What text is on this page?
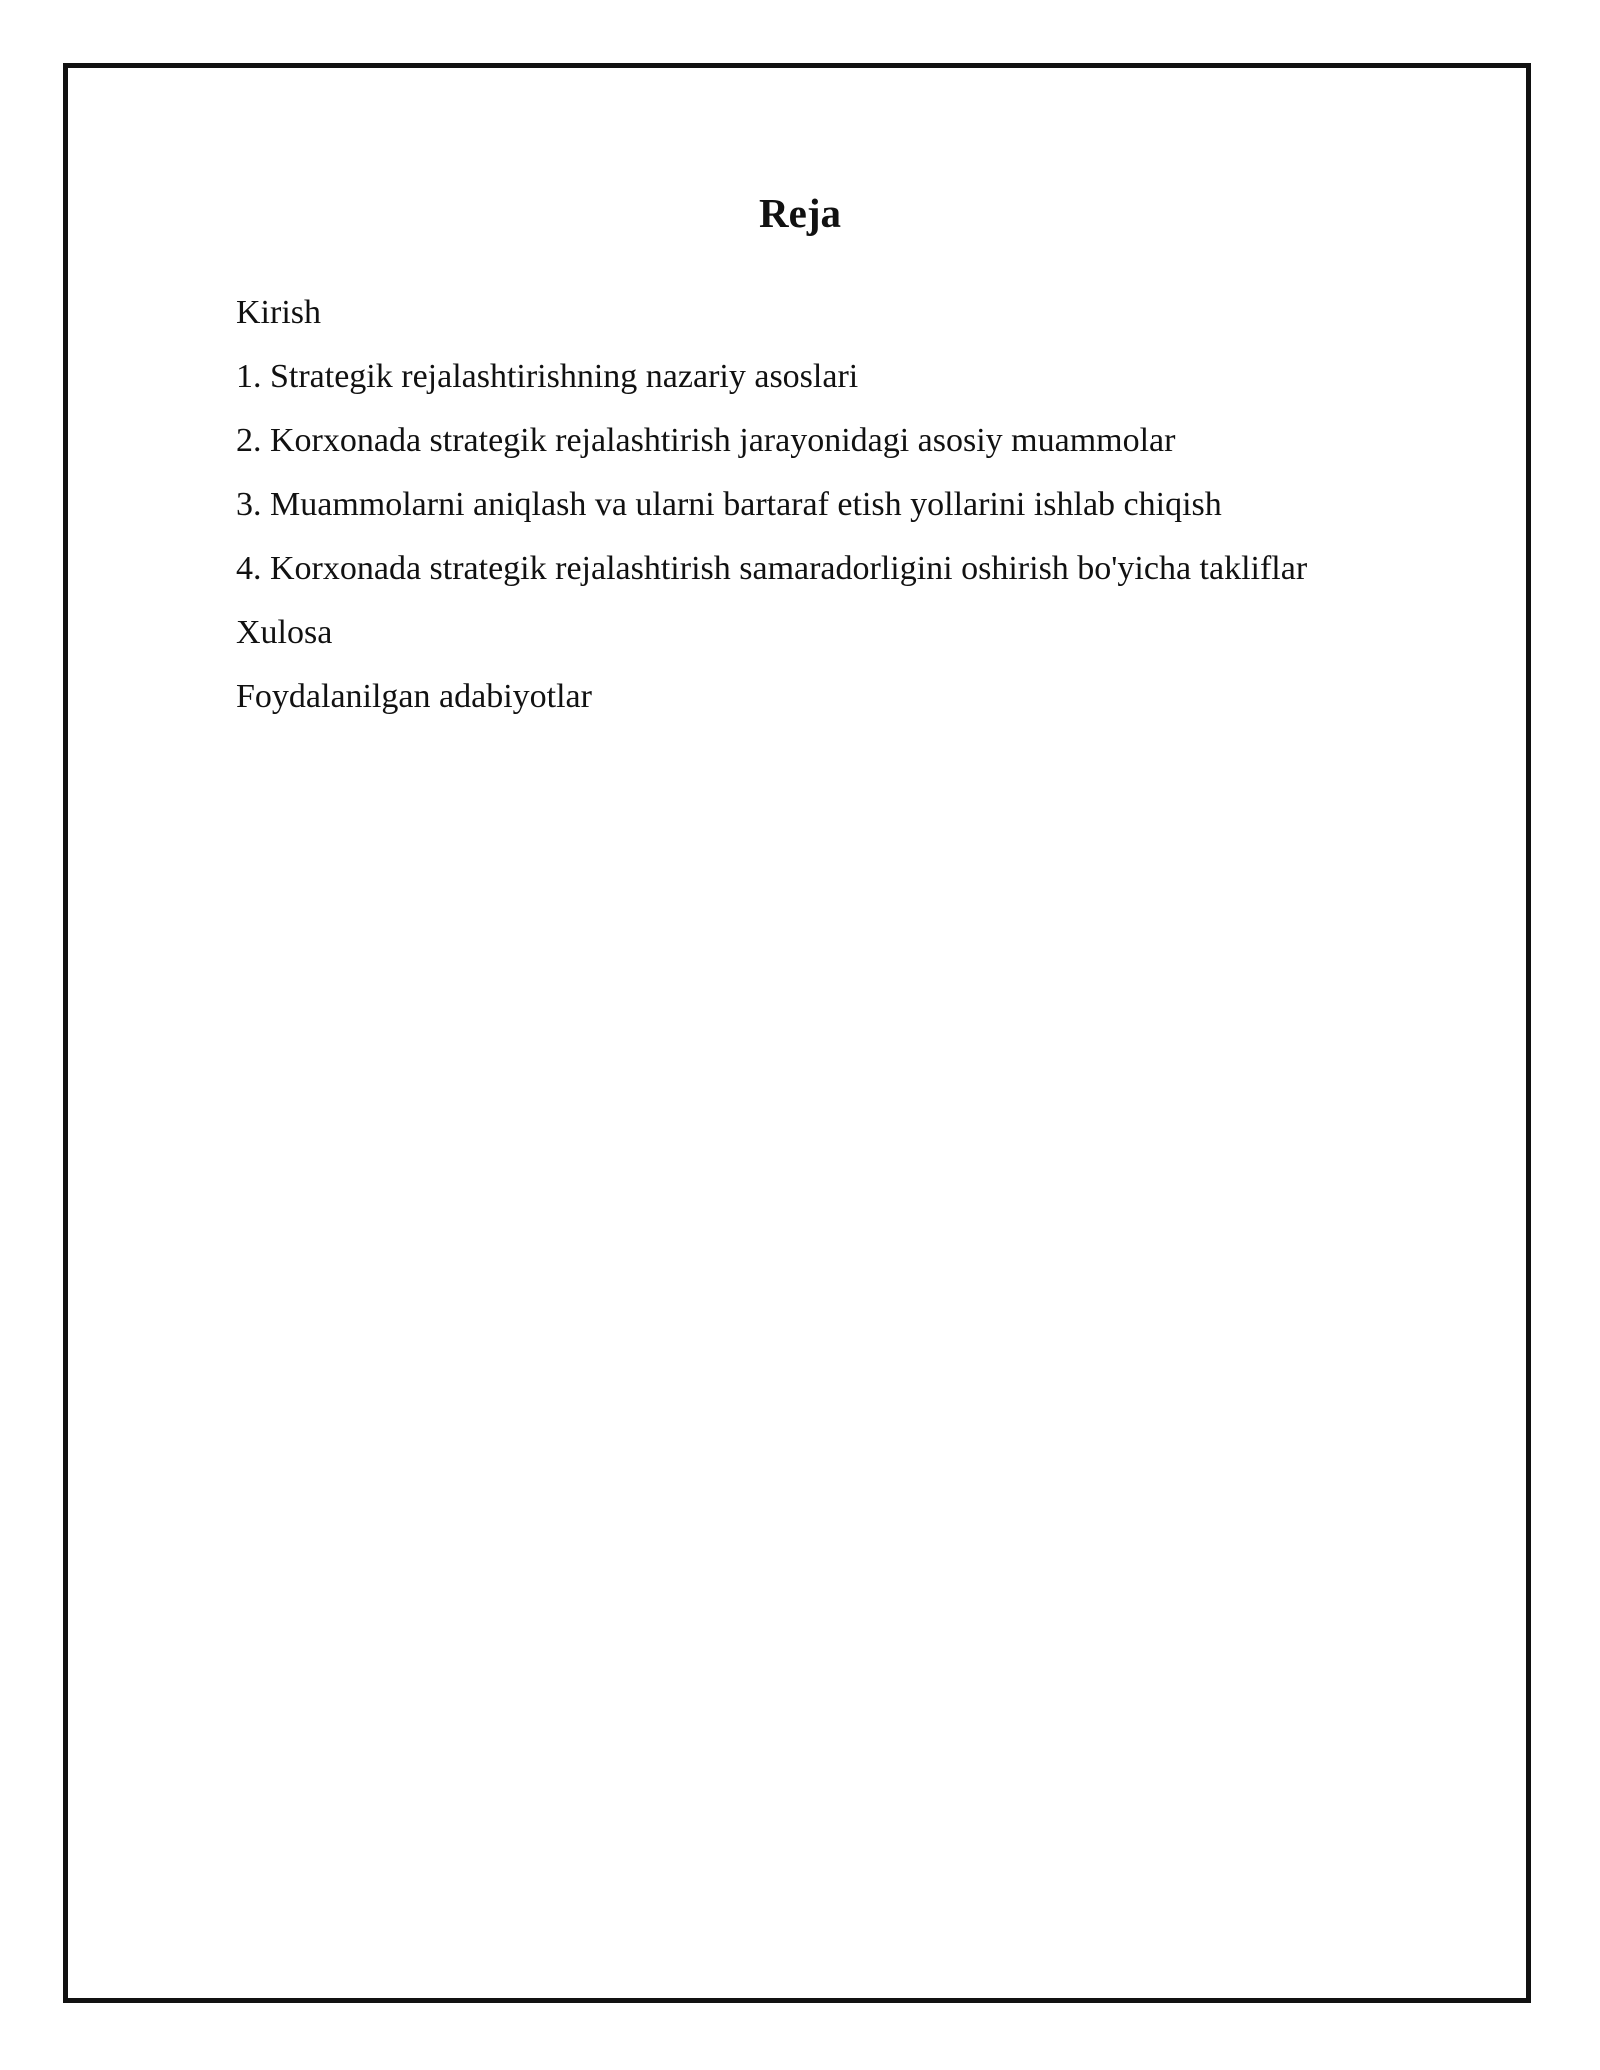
Reja
Kirish
1. Strategik rejalashtirishning nazariy asoslari
2. Korxonada strategik rejalashtirish jarayonidagi asosiy muammolar
3. Muammolarni aniqlash va ularni bartaraf etish yollarini ishlab chiqish
4. Korxonada strategik rejalashtirish samaradorligini oshirish bo'yicha takliflar
Xulosa
Foydalanilgan adabiyotlar
